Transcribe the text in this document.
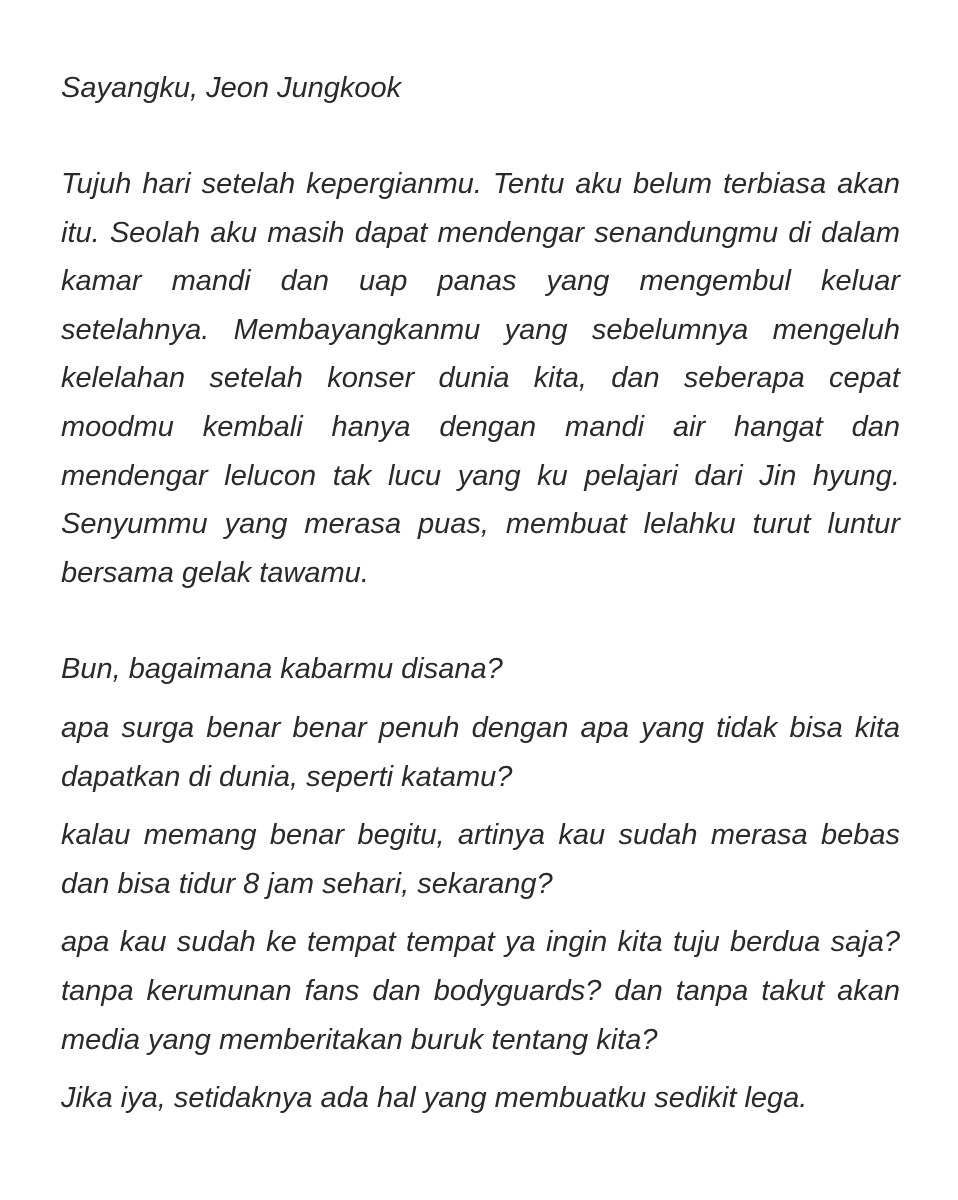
Sayangku, Jeon Jungkook

Tujuh hari setelah kepergianmu. Tentu aku belum terbiasa akan itu. Seolah aku masih dapat mendengar senandungmu di dalam kamar mandi dan uap panas yang mengembul keluar setelahnya. Membayangkanmu yang sebelumnya mengeluh kelelahan setelah konser dunia kita, dan seberapa cepat moodmu kembali hanya dengan mandi air hangat dan mendengar lelucon tak lucu yang ku pelajari dari Jin hyung. Senyummu yang merasa puas, membuat lelahku turut luntur bersama gelak tawamu.

Bun, bagaimana kabarmu disana?

apa surga benar benar penuh dengan apa yang tidak bisa kita dapatkan di dunia, seperti katamu?

kalau memang benar begitu, artinya kau sudah merasa bebas dan bisa tidur 8 jam sehari, sekarang?

apa kau sudah ke tempat tempat ya ingin kita tuju berdua saja? tanpa kerumunan fans dan bodyguards? dan tanpa takut akan media yang memberitakan buruk tentang kita?

Jika iya, setidaknya ada hal yang membuatku sedikit lega.
